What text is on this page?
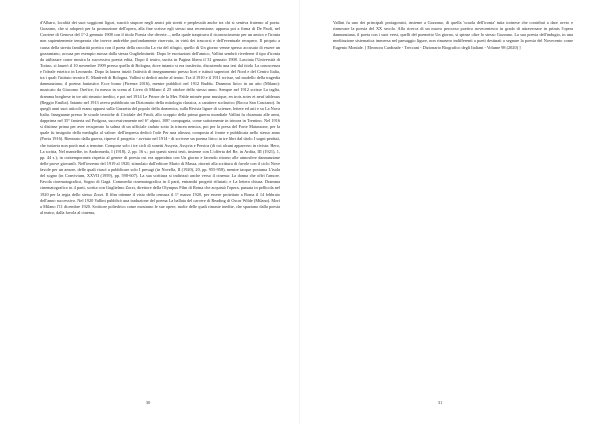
d'Albaro, località dei suoi soggiorni liguri, suscitò stupore negli amici più stretti e perplessità anche tra chi si sentiva fraterno al poeta. Gozzano, che si adoperò per la promozione dell'opera, alla fine scrisse egli stesso una recensione, apparsa poi a firma di De Paoli, nel Corriere di Genova del 1°-2 gennaio 1908 con il titolo Poesia che diverte..., nella quale traspirava il riconoscimento per un amico e l'ironia non sapientemente temperata che invece andrebbe profondamente riservata, in virtù dei trascorsi e dell'eventuale recupero. Il proprio a causa della stretta familiarità poetica con il poeta della raccolta La via del rifugio, quello di Un giorno venne spesso accusato di essere un gozzaniano, accusa per esempio mossa dalla stessa Guglielminetti. Dopo le esortazioni dell'amico, Vallini sembrò rivederne il tipo d'ironia da utilizzare come mostra la successiva poesia edita, Dopo il teatro, uscita in Pagina libera il 31 gennaio 1908. Lasciata l'Università di Torino, si laureò il 10 novembre 1909 presso quella di Bologna, dove intanto si era trasferito, discutendo una tesi dal titolo La conoscenza e l'ideale estetico in Leonardo. Dopo la laurea iniziò l'attività di insegnamento presso licei e istituti superiori del Nord e del Centro Italia, tra i quali l'istituto tecnico E. Manfredi di Bologna. Vallini si dedicò anche al teatro. Tra il 1910 e il 1911 scrisse, sul modello della tragedia dannunziana, il poema fantastico Ecce homo (Firenze 2016), mentre pubblicò nel 1912 Ruddu. Dramma lirico in un atto (Milano): musicato da Giacomo Orefice, fu messo in scena al Liveo di Milano il 25 ottobre dello stesso anno. Sempre nel 1912 scrisse La taglia, dramma borghese in tre atti rimasto inedito, e poi nel 1914 Le Prince de la Mer. Fable mimée pour musique, en trois actes et neuf tableaux (Reggio Emilia). Intanto nel 1913 aveva pubblicato un Dizionario della mitologia classica, a carattere scolastico (Rocca San Casciano). In quegli anni suoi articoli erano apparsi sulla Gazzetta del popolo della domenica, sulla Rivista ligure di scienze, lettere ed arti e su La Nova Italia. Insegnante presso le scuole tecniche di Cividale del Friuli, allo scoppio della prima guerra mondiale Vallini fu chiamato alle armi, dapprima nel 35° fanteria sul Podgora, successivamente nel 6° alpini, 108° compagnia, come sottotenente in trincea in Trentino. Nel 1916 si distinse prima per aver recuperato la salma di un ufficiale caduto sotto la trincea nemica, poi per la presa del Forte Matassone, per la quale fu insignito della medaglia al valore: dell'impresa dedicò l'ode Per una altezza, composta al fronte e pubblicata nello stesso anno (Pavia 1916). Rientrato dalla guerra, riprese il progetto - avviato nel 1914 - di scrivere un poema lirico in tre libri dal titolo I sogni perduti, che tuttavia non portò mai a termine. Compose solo i tre cicli di sonetti Assyria, Assyria e Persica (di cui alcuni apparvero in rivista: Hero, La scritta, Nel mantelbe, in Andromeda, I (1918), 2, pp. 16 s.; poi questi stessi testi, insieme con L'offerta del Re, in Ardita, III (1921), 1, pp. 44 s.); in contemporanea rispetto al genere di poesia cui era approdato con Un giorno e facendo ritorno alle atmosfere dannunziane delle prove giovanili. Nell'inverno del 1919 al 1920, stimolato dall'editore Mario di Massa, ritornò alla scrittura di favole con il ciclo Nove favole per un amore, delle quali riuscì a pubblicare solo I presagi (in Novella, II (1920), 20, pp. 955-958), mentre tacque postuma L'isola del sogno (in Convivium, XXVII (1959), pp. 598-607). La sua scrittura si indirizzò anche verso il cinema: La donna che offrì l'amore. Favola cinematografica, Sogno di Gagà. Commedia cinematografica in 4 parti, entrambi progetti rifiutati; e La lettera chiusa. Dramma cinematografico in 4 parti, scritta con Guglielmo Zorzi, direttore della Olympus Film di Roma che acquistò l'opera, passata in pellicola nel 1920 per la regia dello stesso Zorzi. Il film ottenne il visto della censura il 1° marzo 1920, per essere proiettato a Roma il 14 febbraio dell'anno successivo. Nel 1920 Vallini pubblicò una traduzione del poema La ballata del carcere di Reading di Oscar Wilde (Milano). Morì a Milano l'11 dicembre 1920. Scrittore poliedrico come mostrano le sue opere, molte delle quali rimaste inedite, che spaziano dalla poesia al teatro, dalla favola al cinema,

30

Vallini fu uno dei principali protagonisti, insieme a Gozzano, di quella 'scuola dell'ironia' tutta torinese che contribuì a dare avvio e rinnovare la poesia del XX secolo. Alla ricerca di un nuovo percorso poetico novecentesco in grado di attraversare in primis l'opera dannunziana, il poeta con i suoi versi, quelli del poemetto Un giorno, si spinse oltre lo stesso Gozzano. La sua poesia dell'indugio, in una meditazione sistematica immersa nel paesaggio ligure, non rimasero indifferenti a poeti destinati a segnare la poesia del Novecento come Eugenio Montale. [ Eleonora Cardinale - Treccani - Dizionario Biografico degli Italiani - Volume 98 (2020) ]

31
